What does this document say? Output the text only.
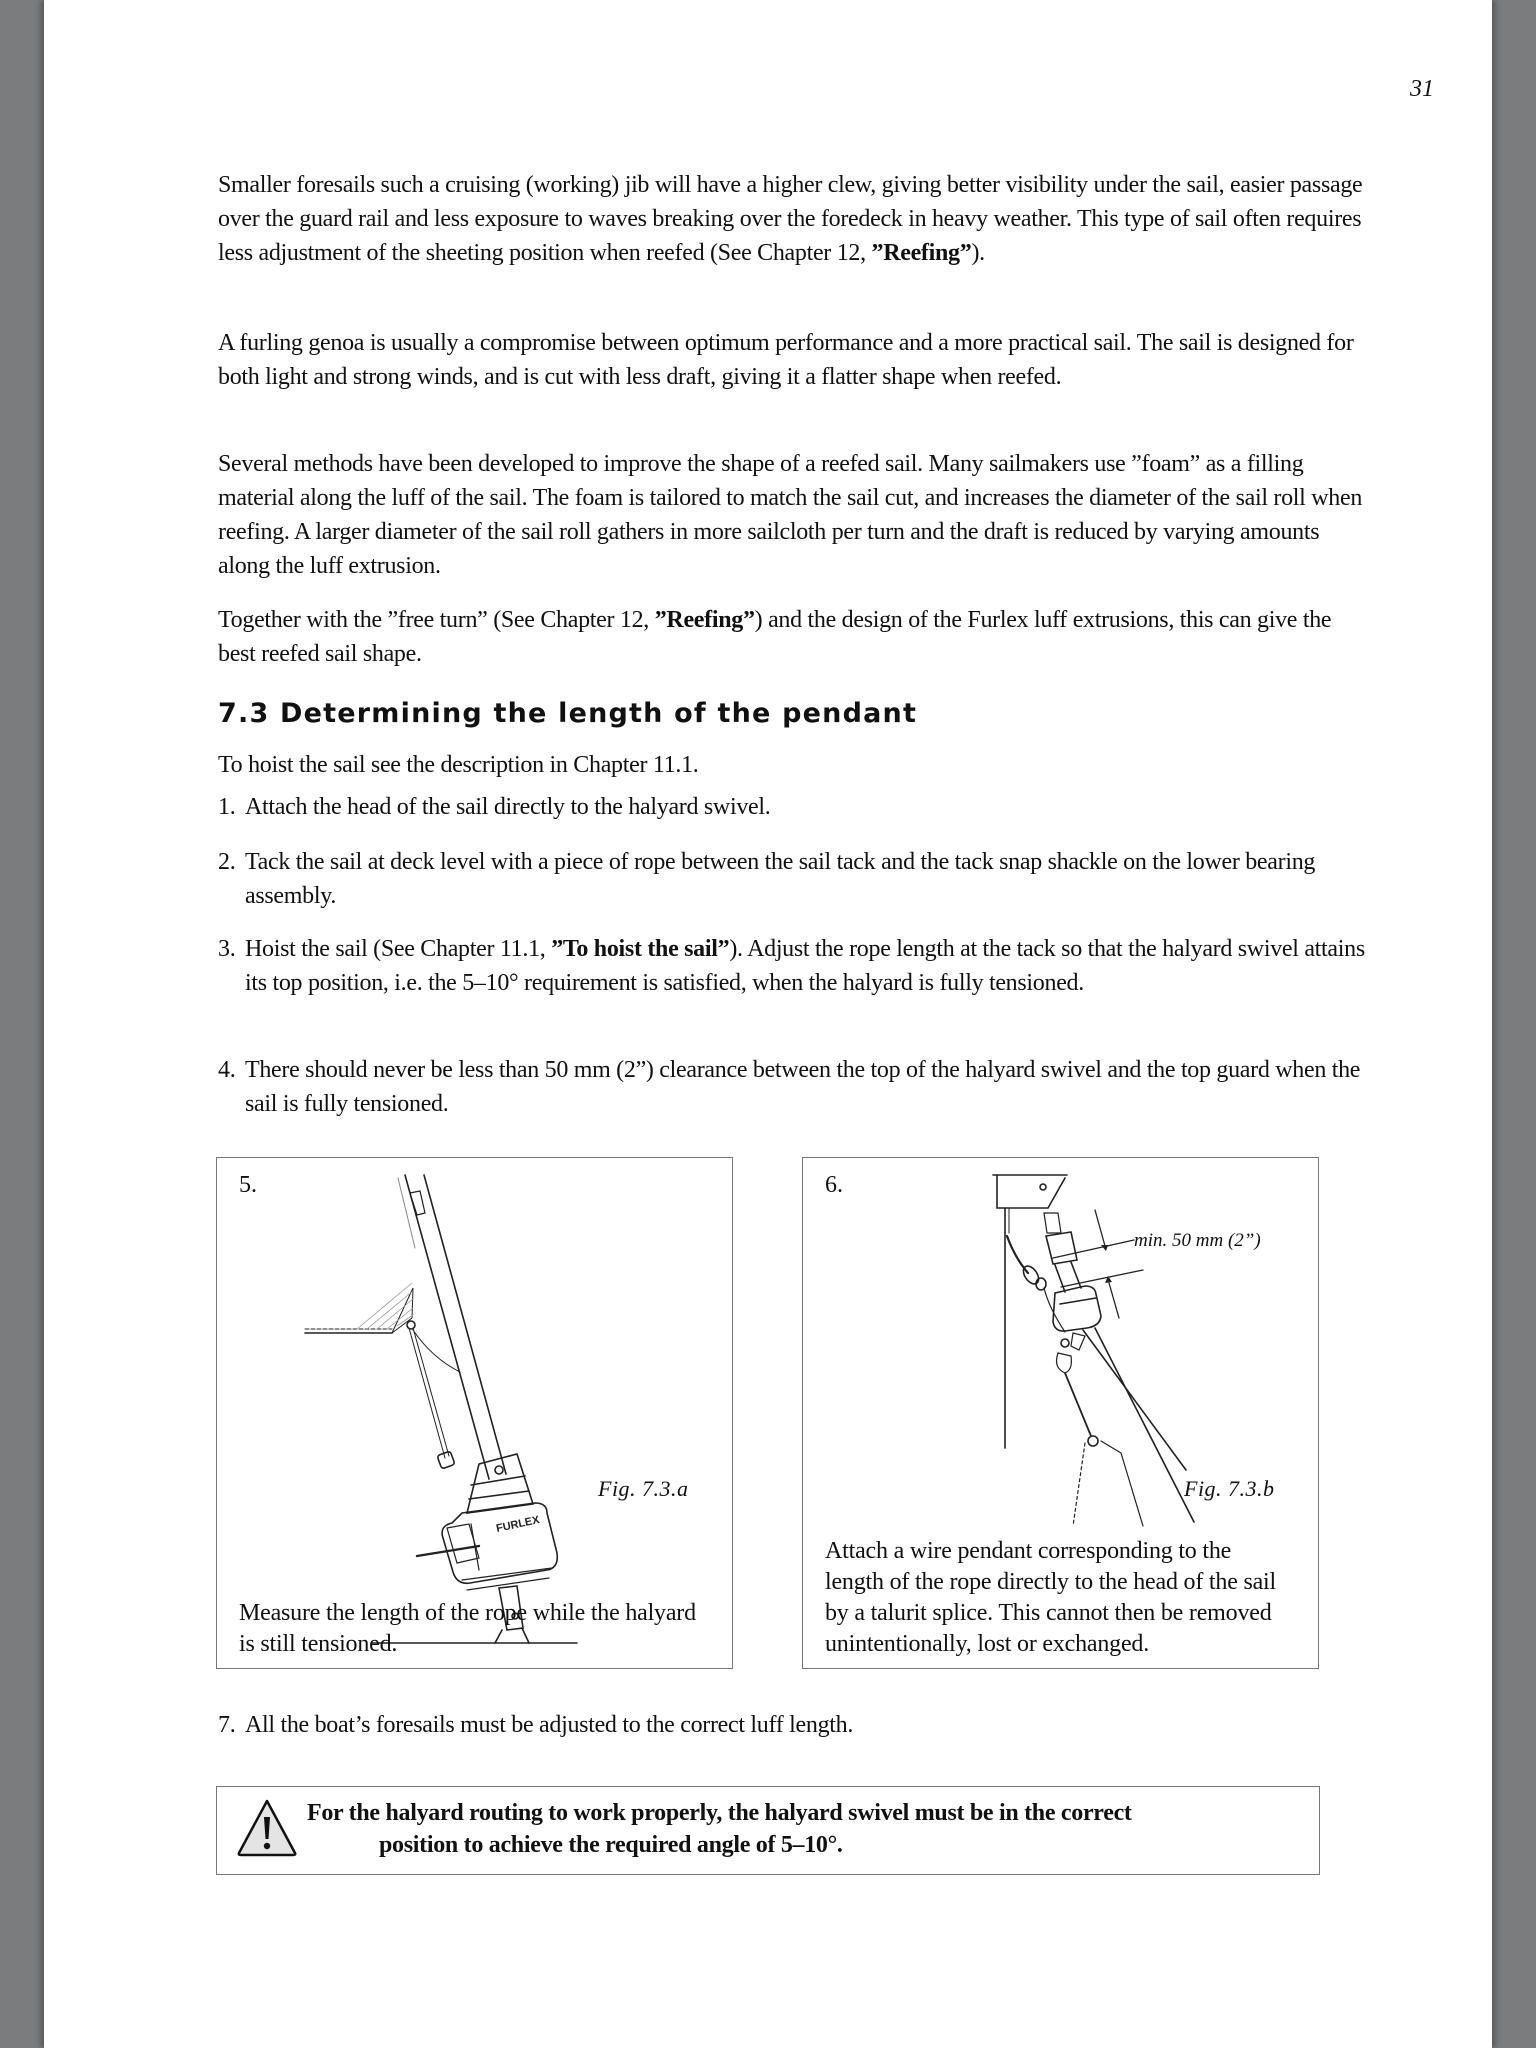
31

Smaller foresails such a cruising (working) jib will have a higher clew, giving better visibility under the sail, easier passage over the guard rail and less exposure to waves breaking over the foredeck in heavy weather. This type of sail often requires less adjustment of the sheeting position when reefed (See Chapter 12, ”Reefing”).

A furling genoa is usually a compromise between optimum performance and a more practical sail. The sail is designed for both light and strong winds, and is cut with less draft, giving it a flatter shape when reefed.

Several methods have been developed to improve the shape of a reefed sail. Many sailmakers use ”foam” as a filling material along the luff of the sail. The foam is tailored to match the sail cut, and increases the diameter of the sail roll when reefing. A larger diameter of the sail roll gathers in more sailcloth per turn and the draft is reduced by varying amounts along the luff extrusion.

Together with the ”free turn” (See Chapter 12, ”Reefing”) and the design of the Furlex luff extrusions, this can give the best reefed sail shape.

7.3 Determining the length of the pendant

To hoist the sail see the description in Chapter 11.1.

1. Attach the head of the sail directly to the halyard swivel.
2. Tack the sail at deck level with a piece of rope between the sail tack and the tack snap shackle on the lower bearing assembly.
3. Hoist the sail (See Chapter 11.1, ”To hoist the sail”). Adjust the rope length at the tack so that the halyard swivel attains its top position, i.e. the 5–10° requirement is satisfied, when the halyard is fully tensioned.
4. There should never be less than 50 mm (2”) clearance between the top of the halyard swivel and the top guard when the sail is fully tensioned.
FURLEX
5.
Fig. 7.3.a
Measure the length of the rope while the halyard is still tensioned.
min. 50 mm (2”)
6.
Fig. 7.3.b
Attach a wire pendant corresponding to the length of the rope directly to the head of the sail by a talurit splice. This cannot then be removed unintentionally, lost or exchanged.
7. All the boat’s foresails must be adjusted to the correct luff length.
For the halyard routing to work properly, the halyard swivel must be in the correct
position to achieve the required angle of 5–10°.
